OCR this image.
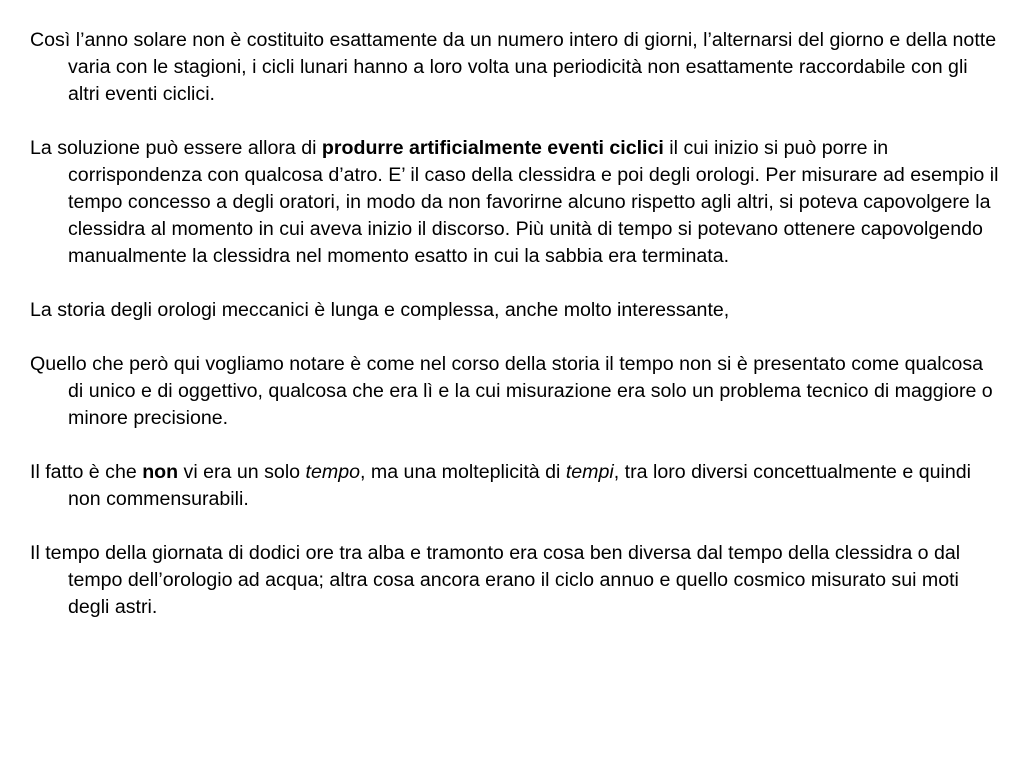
Così l’anno solare non è costituito esattamente da un numero intero di giorni, l’alternarsi del giorno e della notte varia con le stagioni, i cicli lunari hanno a loro volta una periodicità non esattamente raccordabile con gli altri eventi ciclici.

La soluzione può essere allora di produrre artificialmente eventi ciclici il cui inizio si può porre in corrispondenza con qualcosa d’atro. E’ il caso della clessidra e poi degli orologi. Per misurare ad esempio il tempo concesso a degli oratori, in modo da non favorirne alcuno rispetto agli altri, si poteva capovolgere la clessidra al momento in cui aveva inizio il discorso. Più unità di tempo si potevano ottenere capovolgendo manualmente la clessidra nel momento esatto in cui la sabbia era terminata.

La storia degli orologi meccanici è lunga e complessa, anche molto interessante,

Quello che però qui vogliamo notare è come nel corso della storia il tempo non si è presentato come qualcosa di unico e di oggettivo, qualcosa che era lì e la cui misurazione era solo un problema tecnico di maggiore o minore precisione.

Il fatto è che non vi era un solo tempo, ma una molteplicità di tempi, tra loro diversi concettualmente e quindi non commensurabili.

Il tempo della giornata di dodici ore tra alba e tramonto era cosa ben diversa dal tempo della clessidra o dal tempo dell’orologio ad acqua; altra cosa ancora erano il ciclo annuo e quello cosmico misurato sui moti degli astri.
